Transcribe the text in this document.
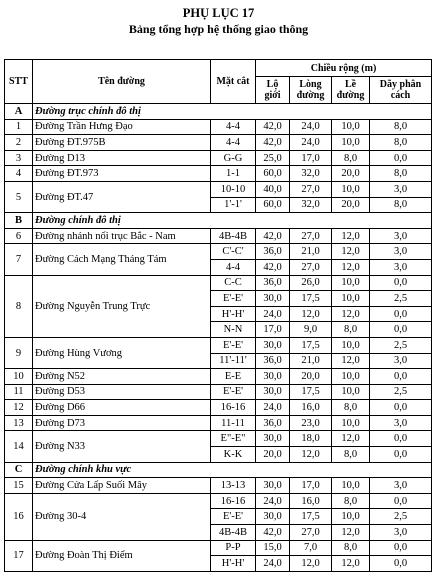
PHỤ LỤC 17
Bảng tổng hợp hệ thống giao thông
STT	Tên đường	Mặt cắt	Chiều rộng (m)			
			Lộ giới	Lòng đường	Lề đường	Dãy phân cách
A	Đường trục chính đô thị					
1	Đường Trần Hưng Đạo	4-4	42,0	24,0	10,0	8,0
2	Đường ĐT.975B	4-4	42,0	24,0	10,0	8,0
3	Đường D13	G-G	25,0	17,0	8,0	0,0
4	Đường ĐT.973	1-1	60,0	32,0	20,0	8,0
5	Đường ĐT.47	10-10	40,0	27,0	10,0	3,0
		1'-1'	60,0	32,0	20,0	8,0
B	Đường chính đô thị					
6	Đường nhánh nối trục Bắc - Nam	4B-4B	42,0	27,0	12,0	3,0
7	Đường Cách Mạng Tháng Tám	C'-C'	36,0	21,0	12,0	3,0
		4-4	42,0	27,0	12,0	3,0
8	Đường Nguyễn Trung Trực	C-C	36,0	26,0	10,0	0,0
		E'-E'	30,0	17,5	10,0	2,5
		H'-H'	24,0	12,0	12,0	0,0
		N-N	17,0	9,0	8,0	0,0
9	Đường Hùng Vương	E'-E'	30,0	17,5	10,0	2,5
		11'-11'	36,0	21,0	12,0	3,0
10	Đường N52	E-E	30,0	20,0	10,0	0,0
11	Đường D53	E'-E'	30,0	17,5	10,0	2,5
12	Đường D66	16-16	24,0	16,0	8,0	0,0
13	Đường D73	11-11	36,0	23,0	10,0	3,0
14	Đường N33	E"-E"	30,0	18,0	12,0	0,0
		K-K	20,0	12,0	8,0	0,0
C	Đường chính khu vực					
15	Đường Cửa Lấp Suối Mây	13-13	30,0	17,0	10,0	3,0
16	Đường 30-4	16-16	24,0	16,0	8,0	0,0
		E'-E'	30,0	17,5	10,0	2,5
		4B-4B	42,0	27,0	12,0	3,0
17	Đường Đoàn Thị Điểm	P-P	15,0	7,0	8,0	0,0
		H'-H'	24,0	12,0	12,0	0,0
